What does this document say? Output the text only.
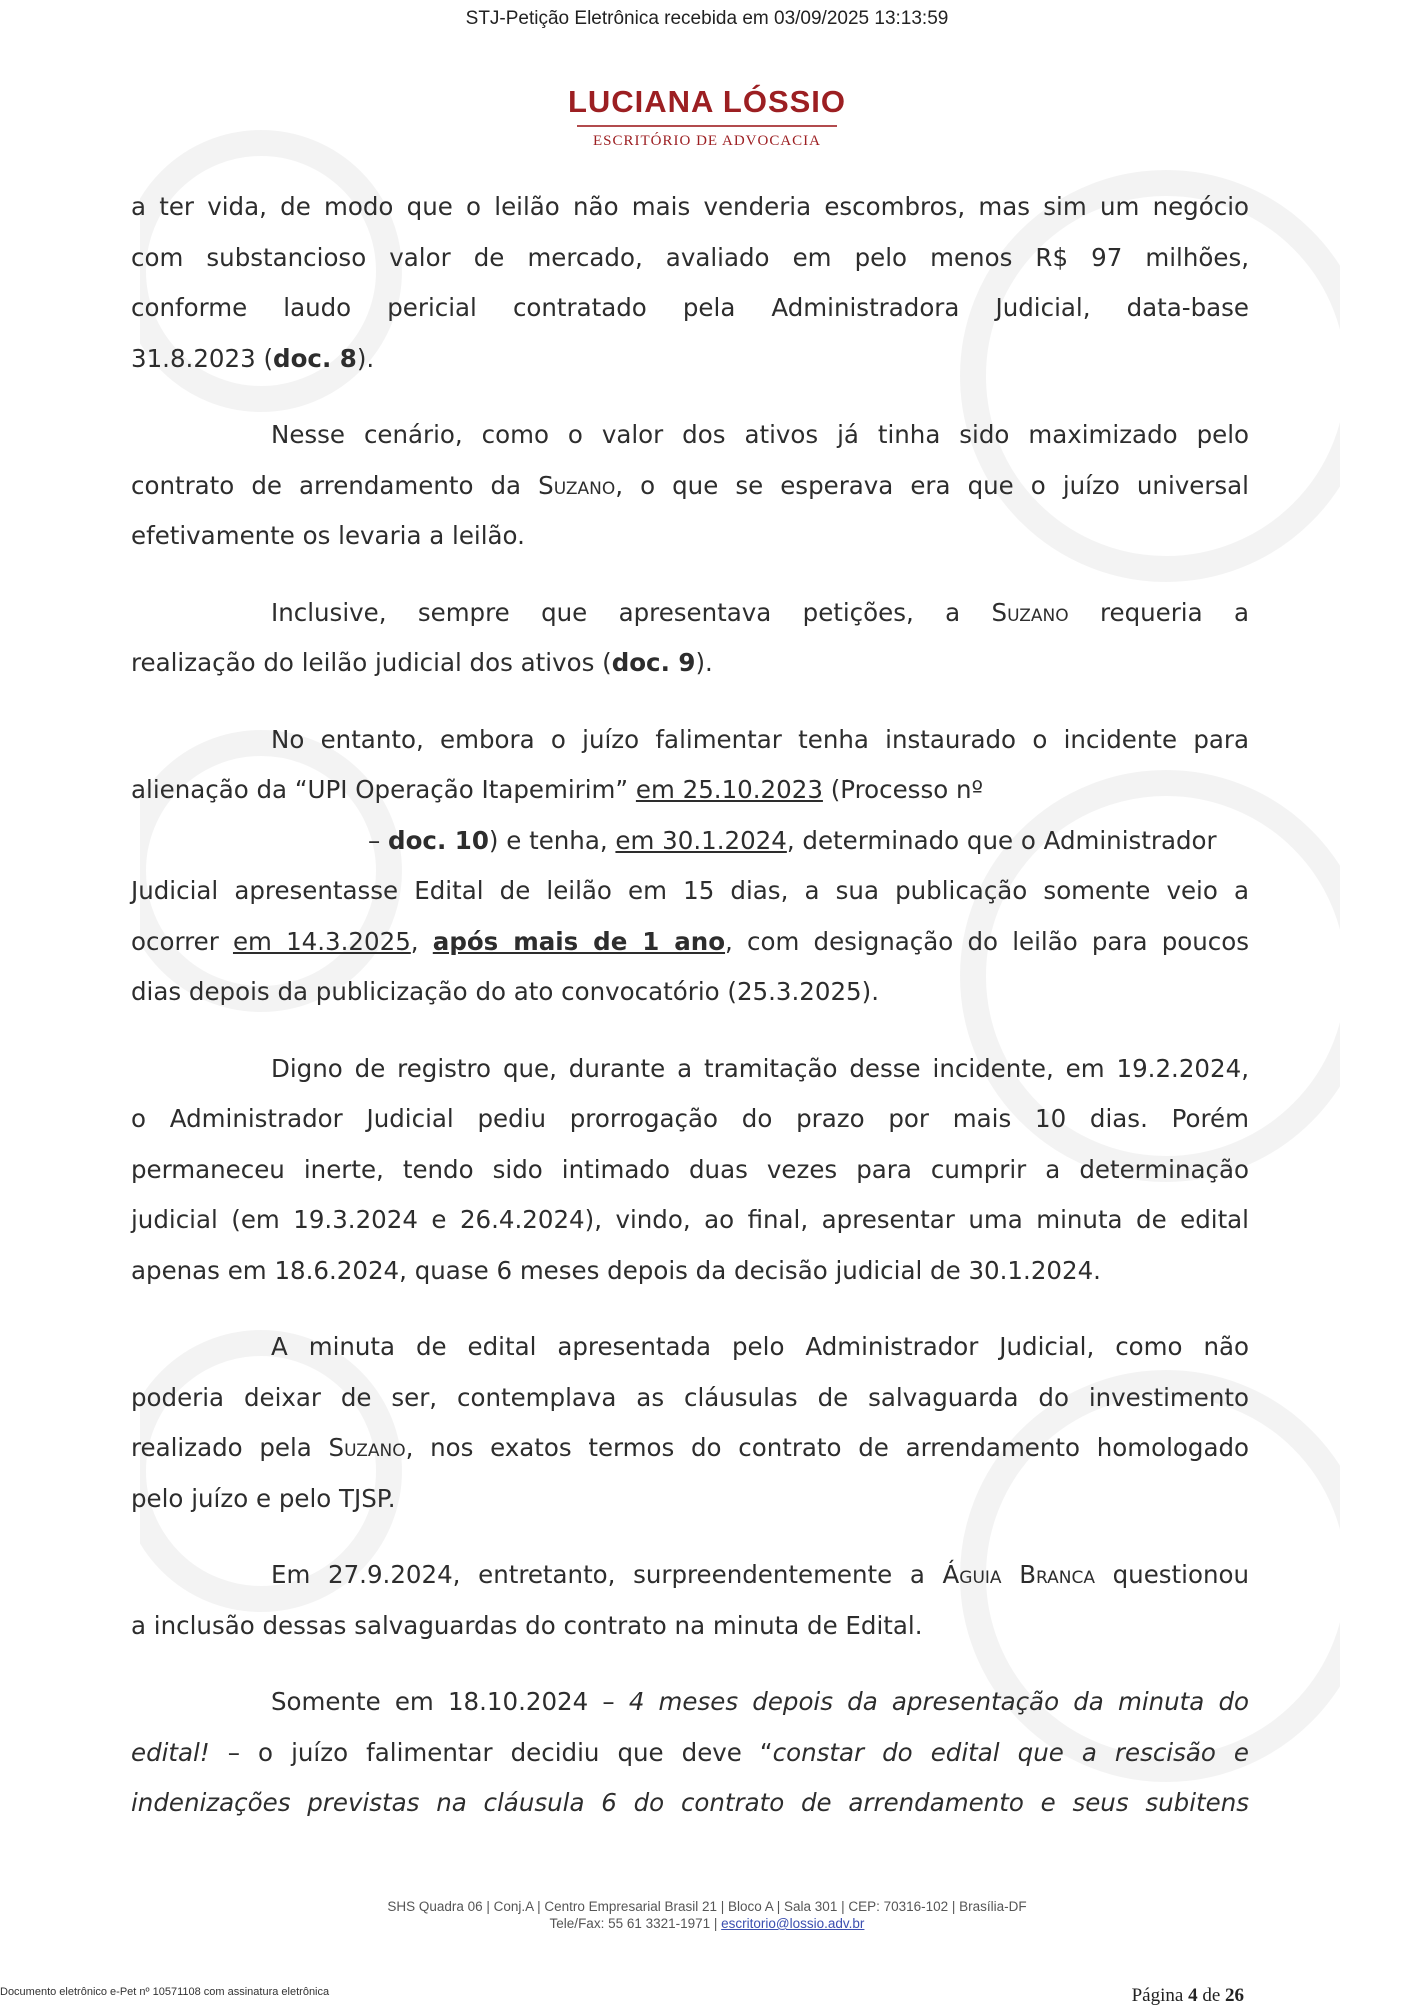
STJ-Petição Eletrônica recebida em 03/09/2025 13:13:59
LUCIANA LÓSSIO
ESCRITÓRIO DE ADVOCACIA
a ter vida, de modo que o leilão não mais venderia escombros, mas sim um negócio
com substancioso valor de mercado, avaliado em pelo menos R$ 97 milhões,
conforme laudo pericial contratado pela Administradora Judicial, data-base
31.8.2023 (doc. 8).
Nesse cenário, como o valor dos ativos já tinha sido maximizado pelo
contrato de arrendamento da Suzano, o que se esperava era que o juízo universal
efetivamente os levaria a leilão.
Inclusive, sempre que apresentava petições, a Suzano requeria a
realização do leilão judicial dos ativos (doc. 9).
No entanto, embora o juízo falimentar tenha instaurado o incidente para
alienação da “UPI Operação Itapemirim” em 25.10.2023 (Processo nº
– doc. 10) e tenha, em 30.1.2024, determinado que o Administrador
Judicial apresentasse Edital de leilão em 15 dias, a sua publicação somente veio a
ocorrer em 14.3.2025, após mais de 1 ano, com designação do leilão para poucos
dias depois da publicização do ato convocatório (25.3.2025).
Digno de registro que, durante a tramitação desse incidente, em 19.2.2024,
o Administrador Judicial pediu prorrogação do prazo por mais 10 dias. Porém
permaneceu inerte, tendo sido intimado duas vezes para cumprir a determinação
judicial (em 19.3.2024 e 26.4.2024), vindo, ao final, apresentar uma minuta de edital
apenas em 18.6.2024, quase 6 meses depois da decisão judicial de 30.1.2024.
A minuta de edital apresentada pelo Administrador Judicial, como não
poderia deixar de ser, contemplava as cláusulas de salvaguarda do investimento
realizado pela Suzano, nos exatos termos do contrato de arrendamento homologado
pelo juízo e pelo TJSP.
Em 27.9.2024, entretanto, surpreendentemente a Águia Branca questionou
a inclusão dessas salvaguardas do contrato na minuta de Edital.
Somente em 18.10.2024 – 4 meses depois da apresentação da minuta do
edital! – o juízo falimentar decidiu que deve “constar do edital que a rescisão e
indenizações previstas na cláusula 6 do contrato de arrendamento e seus subitens
SHS Quadra 06 | Conj.A | Centro Empresarial Brasil 21 | Bloco A | Sala 301 | CEP: 70316-102 | Brasília-DF
Tele/Fax: 55 61 3321-1971 | escritorio@lossio.adv.br
Página 4 de 26
Documento eletrônico e-Pet nº 10571108 com assinatura eletrônica
